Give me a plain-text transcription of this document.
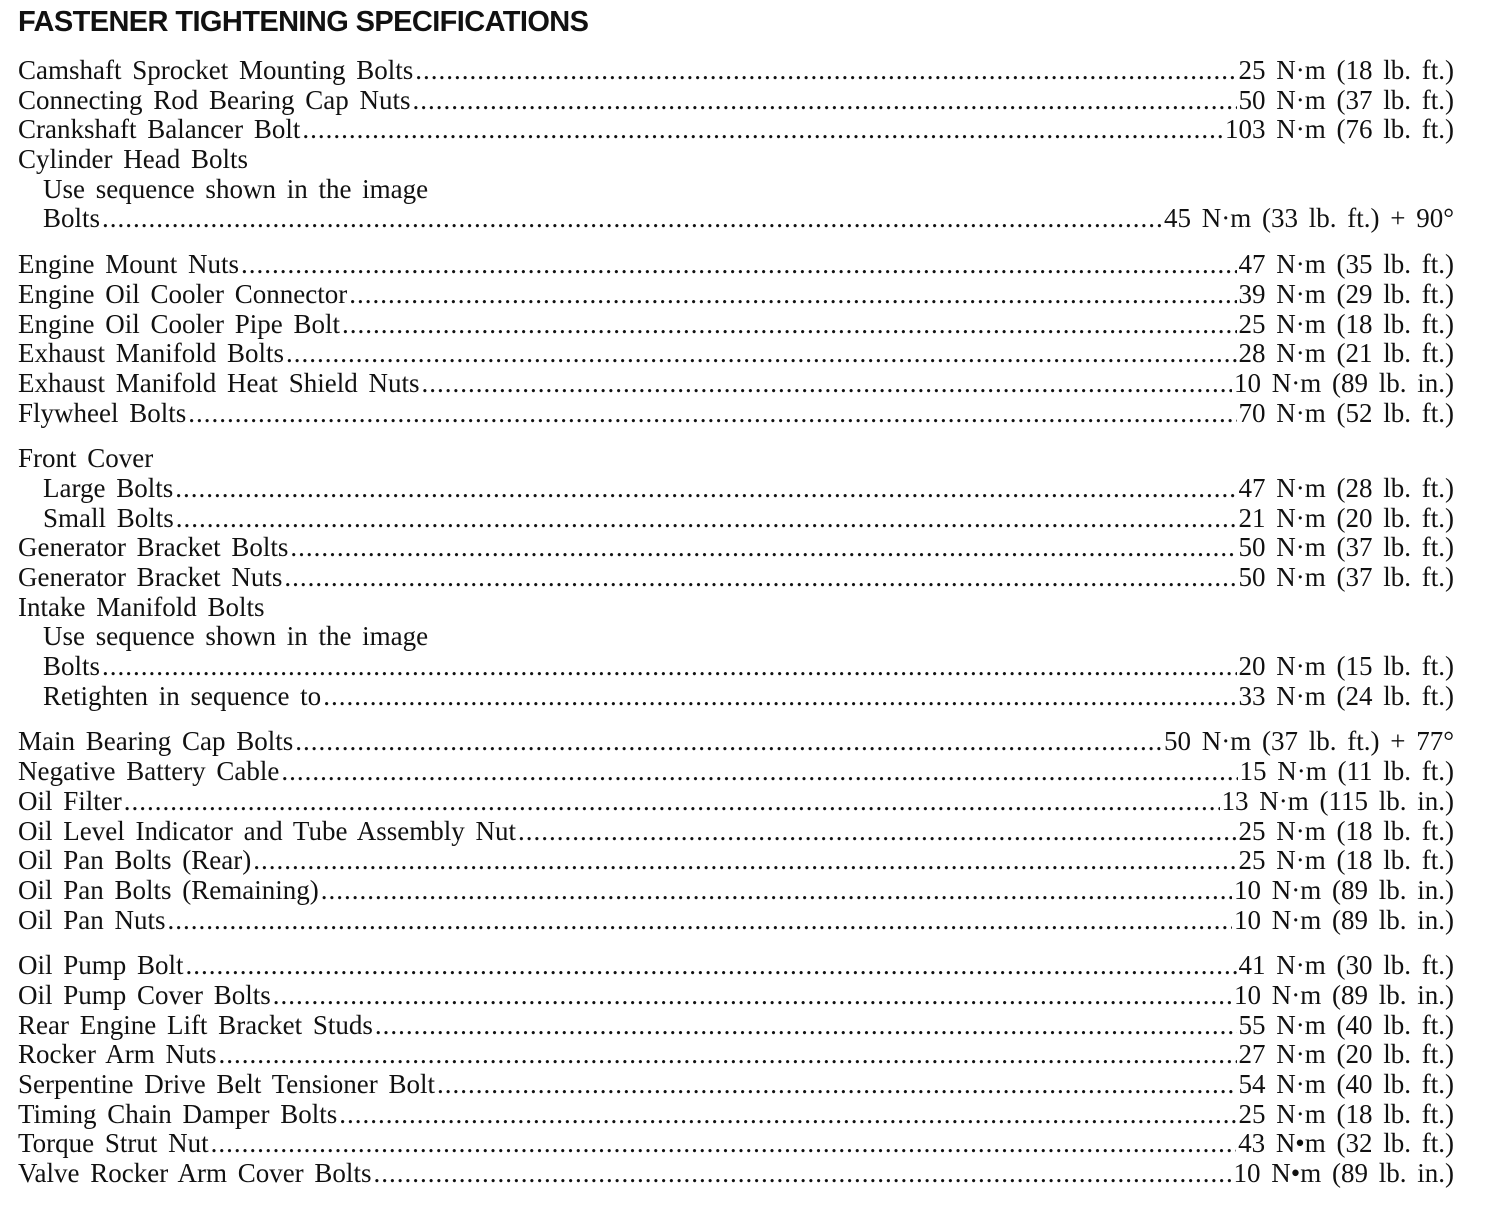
FASTENER TIGHTENING SPECIFICATIONS
Camshaft Sprocket Mounting Bolts .....	25 N·m (18 lb. ft.)
Connecting Rod Bearing Cap Nuts .....	50 N·m (37 lb. ft.)
Crankshaft Balancer Bolt .....	103 N·m (76 lb. ft.)
Cylinder Head Bolts
Use sequence shown in the image
Bolts .....	45 N·m (33 lb. ft.) + 90°
Engine Mount Nuts .....	47 N·m (35 lb. ft.)
Engine Oil Cooler Connector .....	39 N·m (29 lb. ft.)
Engine Oil Cooler Pipe Bolt .....	25 N·m (18 lb. ft.)
Exhaust Manifold Bolts .....	28 N·m (21 lb. ft.)
Exhaust Manifold Heat Shield Nuts .....	10 N·m (89 lb. in.)
Flywheel Bolts .....	70 N·m (52 lb. ft.)
Front Cover
Large Bolts .....	47 N·m (28 lb. ft.)
Small Bolts .....	21 N·m (20 lb. ft.)
Generator Bracket Bolts .....	50 N·m (37 lb. ft.)
Generator Bracket Nuts .....	50 N·m (37 lb. ft.)
Intake Manifold Bolts
Use sequence shown in the image
Bolts .....	20 N·m (15 lb. ft.)
Retighten in sequence to .....	33 N·m (24 lb. ft.)
Main Bearing Cap Bolts .....	50 N·m (37 lb. ft.) + 77°
Negative Battery Cable .....	15 N·m (11 lb. ft.)
Oil Filter .....	13 N·m (115 lb. in.)
Oil Level Indicator and Tube Assembly Nut .....	25 N·m (18 lb. ft.)
Oil Pan Bolts (Rear) .....	25 N·m (18 lb. ft.)
Oil Pan Bolts (Remaining) .....	10 N·m (89 lb. in.)
Oil Pan Nuts .....	10 N·m (89 lb. in.)
Oil Pump Bolt .....	41 N·m (30 lb. ft.)
Oil Pump Cover Bolts .....	10 N·m (89 lb. in.)
Rear Engine Lift Bracket Studs .....	55 N·m (40 lb. ft.)
Rocker Arm Nuts .....	27 N·m (20 lb. ft.)
Serpentine Drive Belt Tensioner Bolt .....	54 N·m (40 lb. ft.)
Timing Chain Damper Bolts .....	25 N·m (18 lb. ft.)
Torque Strut Nut .....	43 N•m (32 lb. ft.)
Valve Rocker Arm Cover Bolts .....	10 N•m (89 lb. in.)
